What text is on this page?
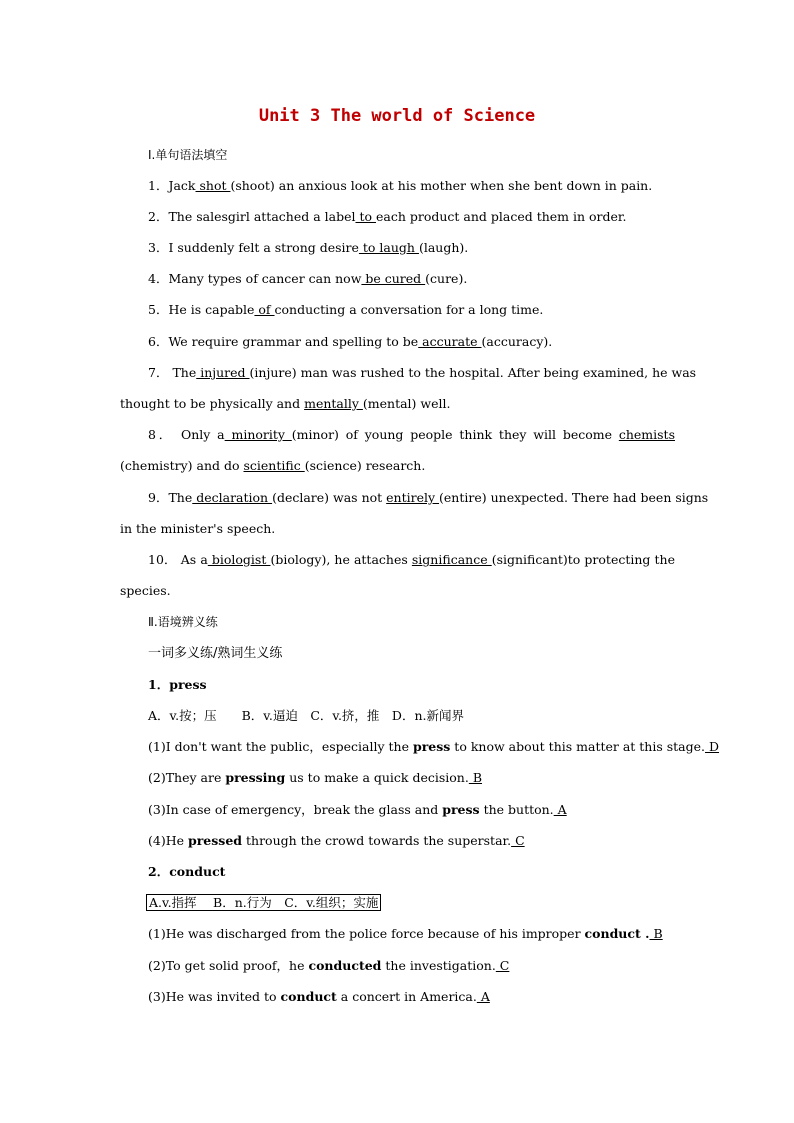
Unit 3 The world of Science
Ⅰ.单句语法填空
1．Jack shot (shoot) an anxious look at his mother when she bent down in pain.
2．The salesgirl attached a label to each product and placed them in order.
3．I suddenly felt a strong desire to laugh (laugh).
4．Many types of cancer can now be cured (cure).
5．He is capable of conducting a conversation for a long time.
6．We require grammar and spelling to be accurate (accuracy).
7． The injured (injure) man was rushed to the hospital. After being examined, he was
thought to be physically and mentally (mental) well.
8． Only a minority (minor) of young people think they will become chemists
(chemistry) and do scientific (science) research.
9．The declaration (declare) was not entirely (entire) unexpected. There had been signs
in the minister's speech.
10． As a biologist (biology), he attaches significance (significant)to protecting the
species.
Ⅱ.语境辨义练
一词多义练/熟词生义练
1．press
A．v.按；压　　B．v.逼迫　C．v.挤，推　D．n.新闻界
(1)I don't want the public，especially the press to know about this matter at this stage. D
(2)They are pressing us to make a quick decision. B
(3)In case of emergency，break the glass and press the button. A
(4)He pressed through the crowd towards the superstar. C
2．conduct
A.v.指挥　 B．n.行为　C．v.组织；实施
(1)He was discharged from the police force because of his improper conduct . B
(2)To get solid proof，he conducted the investigation. C
(3)He was invited to conduct a concert in America. A
